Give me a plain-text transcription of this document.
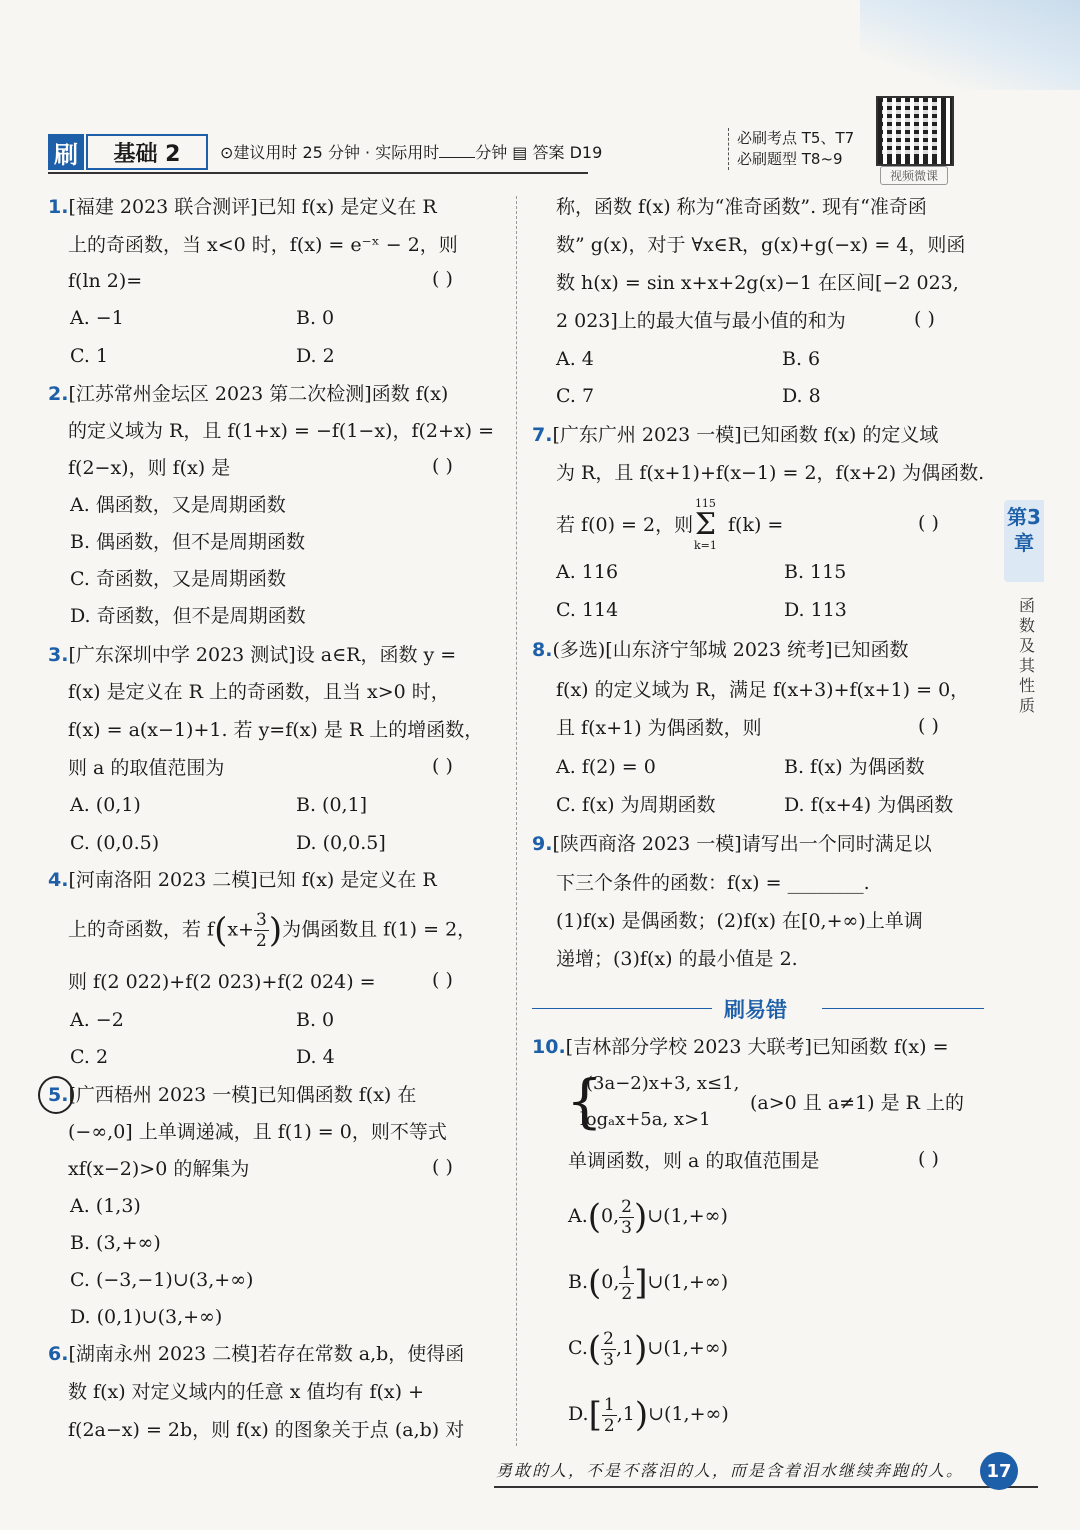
刷	基础 2	⊙建议用时 25 分钟 · 实际用时 分钟 ▤ 答案 D19
必刷考点 T5、T7
必刷题型 T8~9
视频微课
第3章
函数及其性质
1.[福建 2023 联合测评]已知 f(x) 是定义在 R
上的奇函数，当 x<0 时，f(x) = e⁻ˣ − 2，则
f(ln 2)=	( )
A. −1	B. 0
C. 1	D. 2
2.[江苏常州金坛区 2023 第二次检测]函数 f(x)
的定义域为 R，且 f(1+x) = −f(1−x)，f(2+x) =
f(2−x)，则 f(x) 是	( )
A. 偶函数，又是周期函数
B. 偶函数，但不是周期函数
C. 奇函数，又是周期函数
D. 奇函数，但不是周期函数
3.[广东深圳中学 2023 测试]设 a∈R，函数 y =
f(x) 是定义在 R 上的奇函数，且当 x>0 时，
f(x) = a(x−1)+1. 若 y=f(x) 是 R 上的增函数，
则 a 的取值范围为	( )
A. (0,1)	B. (0,1]
C. (0,0.5)	D. (0,0.5]
4.[河南洛阳 2023 二模]已知 f(x) 是定义在 R
上的奇函数，若 $f(x+ \frac{3}{2}$ )为偶函数且 f(1) = 2，
则 f(2 022)+f(2 023)+f(2 024) =	( )
A. −2	B. 0
C. 2	D. 4
5.[广西梧州 2023 一模]已知偶函数 f(x) 在
(−∞,0] 上单调递减，且 f(1) = 0，则不等式
xf(x−2)>0 的解集为	( )
A. (1,3)
B. (3,+∞)
C. (−3,−1)∪(3,+∞)
D. (0,1)∪(3,+∞)
6.[湖南永州 2023 二模]若存在常数 a,b，使得函
数 f(x) 对定义域内的任意 x 值均有 f(x) +
f(2a−x) = 2b，则 f(x) 的图象关于点 (a,b) 对
称，函数 f(x) 称为“准奇函数”. 现有“准奇函
数” g(x)，对于 ∀x∈R，g(x)+g(−x) = 4，则函
数 h(x) = sin x+x+2g(x)−1 在区间[−2 023,
2 023]上的最大值与最小值的和为	( )
A. 4	B. 6
C. 7	D. 8
7.[广东广州 2023 一模]已知函数 f(x) 的定义域
为 R，且 f(x+1)+f(x−1) = 2，f(x+2) 为偶函数.
若 f(0) = 2，则
115
Σ
k=1
f(k) =	( )
A. 116	B. 115
C. 114	D. 113
8.(多选)[山东济宁邹城 2023 统考]已知函数
f(x) 的定义域为 R，满足 f(x+3)+f(x+1) = 0，
且 f(x+1) 为偶函数，则	( )
A. f(2) = 0	B. f(x) 为偶函数
C. f(x) 为周期函数	D. f(x+4) 为偶函数
9.[陕西商洛 2023 一模]请写出一个同时满足以
下三个条件的函数：f(x) = ________.
(1)f(x) 是偶函数；(2)f(x) 在[0,+∞)上单调
递增；(3)f(x) 的最小值是 2.
刷易错
10.[吉林部分学校 2023 大联考]已知函数 f(x) =
{
(3a−2)x+3, x≤1,
logₐx+5a, x>1
(a>0 且 a≠1) 是 R 上的
单调函数，则 a 的取值范围是	( )
A.(0, $\frac{2}{3}$ )∪(1,+∞)
B.(0, $\frac{1}{2}$ ]∪(1,+∞)
$C.( \frac{2}{3}$ ,1)∪(1,+∞)
$D.[ \frac{1}{2}$ ,1)∪(1,+∞)
勇敢的人，不是不落泪的人，而是含着泪水继续奔跑的人。	17
